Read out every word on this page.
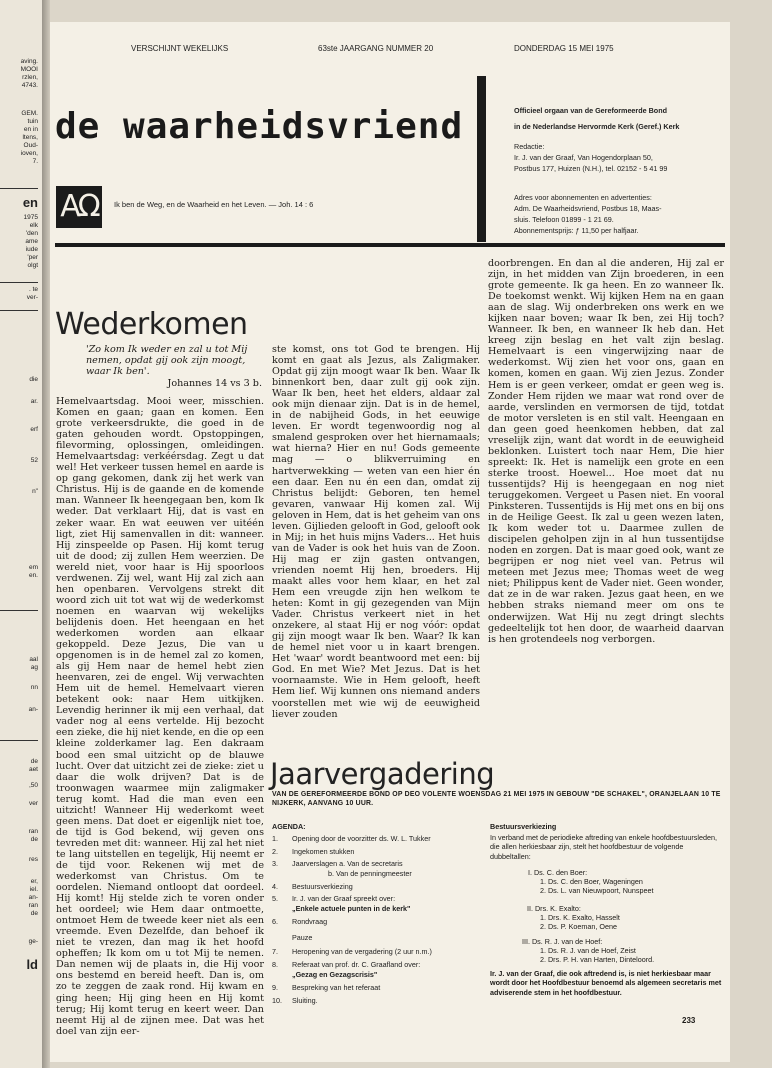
aving.
MOOI
rzlen,
4743.
GEM.
tuin
en in
ltens,
Oud-
ioven,
7.
en
1975
elk
'den
ame
iude
'per
olgt
. te
ver-
die
ar.
erf
52
n"
em
en.
aal
ag
nn
an-
de
aet
,50
ver
ran
de
res
er,
iel.
an-
ran
de
ge-
ld
VERSCHIJNT WEKELIJKS	63ste JAARGANG NUMMER 20	DONDERDAG 15 MEI 1975
de waarheidsvriend
AΩ	Ik ben de Weg, en de Waarheid en het Leven. — Joh. 14 : 6
Officieel orgaan van de Gereformeerde Bond
in de Nederlandse Hervormde Kerk (Geref.) Kerk
Redactie:
Ir. J. van der Graaf, Van Hogendorplaan 50,
Postbus 177, Huizen (N.H.), tel. 02152 - 5 41 99
Adres voor abonnementen en advertenties:
Adm. De Waarheidsvriend, Postbus 18, Maas-
sluis. Telefoon 01899 - 1 21 69.
Abonnementsprijs: ƒ 11,50 per halfjaar.
Wederkomen
'Zo kom Ik weder en zal u tot Mij nemen, opdat gij ook zijn moogt, waar Ik ben'.
Johannes 14 vs 3 b.

Hemelvaartsdag. Mooi weer, misschien. Komen en gaan; gaan en komen. Een grote verkeersdrukte, die goed in de gaten gehouden wordt. Opstoppingen, filevorming, oplossingen, omleidingen. Hemelvaartsdag: verkéérsdag. Zegt u dat wel! Het verkeer tussen hemel en aarde is op gang gekomen, dank zij het werk van Christus. Hij is de gaande en de komende man. Wanneer Ik heengegaan ben, kom Ik weder. Dat verklaart Hij, dat is vast en zeker waar. En wat eeuwen ver uitéén ligt, ziet Hij samenvallen in dit: wanneer. Hij zinspeelde op Pasen. Hij komt terug uit de dood; zij zullen Hem weerzien. De wereld niet, voor haar is Hij spoorloos verdwenen. Zij wel, want Hij zal zich aan hen openbaren. Vervolgens strekt dit woord zich uit tot wat wij de wederkomst noemen en waarvan wij wekelijks belijdenis doen. Het heengaan en het wederkomen worden aan elkaar gekoppeld. Deze Jezus, Die van u opgenomen is in de hemel zal zo komen, als gij Hem naar de hemel hebt zien heenvaren, zei de engel. Wij verwachten Hem uit de hemel. Hemelvaart vieren betekent ook: naar Hem uitkijken. Levendig herinner ik mij een verhaal, dat vader nog al eens vertelde. Hij bezocht een zieke, die hij niet kende, en die op een kleine zolderkamer lag. Een dakraam bood een smal uitzicht op de blauwe lucht. Over dat uitzicht zei de zieke: ziet u daar die wolk drijven? Dat is de troonwagen waarmee mijn zaligmaker terug komt. Had die man even een uitzicht! Wanneer Hij wederkomt weet geen mens. Dat doet er eigenlijk niet toe, de tijd is God bekend, wij geven ons tevreden met dit: wanneer. Hij zal het niet te lang uitstellen en tegelijk, Hij neemt er de tijd voor. Rekenen wij met de wederkomst van Christus. Om te oordelen. Niemand ontloopt dat oordeel. Hij komt! Hij stelde zich te voren onder het oordeel; wie Hem daar ontmoette, ontmoet Hem de tweede keer niet als een vreemde. Even Dezelfde, dan behoef ik niet te vrezen, dan mag ik het hoofd opheffen; Ik kom om u tot Mij te nemen. Dan nemen wij de plaats in, die Hij voor ons bestemd en bereid heeft. Dan is, om zo te zeggen de zaak rond. Hij kwam en ging heen; Hij ging heen en Hij komt terug; Hij komt terug en keert weer. Dan neemt Hij al de zijnen mee. Dat was het doel van zijn eer-

ste komst, ons tot God te brengen. Hij komt en gaat als Jezus, als Zaligmaker. Opdat gij zijn moogt waar Ik ben. Waar Ik binnenkort ben, daar zult gij ook zijn. Waar Ik ben, heet het elders, aldaar zal ook mijn dienaar zijn. Dat is in de hemel, in de nabijheid Gods, in het eeuwige leven. Er wordt tegenwoordig nog al smalend gesproken over het hiernamaals; wat hierna? Hier en nu! Gods gemeente mag — o blikverruiming en hartverwekking — weten van een hier én een daar. Een nu én een dan, omdat zij Christus belijdt: Geboren, ten hemel gevaren, vanwaar Hij komen zal. Wij geloven in Hem, dat is het geheim van ons leven. Gijlieden gelooft in God, gelooft ook in Mij; in het huis mijns Vaders... Het huis van de Vader is ook het huis van de Zoon. Hij mag er zijn gasten ontvangen, vrienden noemt Hij hen, broeders. Hij maakt alles voor hem klaar, en het zal Hem een vreugde zijn hen welkom te heten: Komt in gij gezegenden van Mijn Vader. Christus verkeert niet in het onzekere, al staat Hij er nog vóór: opdat gij zijn moogt waar Ik ben. Waar? Ik kan de hemel niet voor u in kaart brengen. Het 'waar' wordt beantwoord met een: bij God. En met Wie? Met Jezus. Dat is het voornaamste. Wie in Hem gelooft, heeft Hem lief. Wij kunnen ons niemand anders voorstellen met wie wij de eeuwigheid liever zouden

doorbrengen. En dan al die anderen, Hij zal er zijn, in het midden van Zijn broederen, in een grote gemeente. Ik ga heen. En zo wanneer Ik. De toekomst wenkt. Wij kijken Hem na en gaan aan de slag. Wij onderbreken ons werk en we kijken naar boven; waar Ik ben, zei Hij toch? Wanneer. Ik ben, en wanneer Ik heb dan. Het kreeg zijn beslag en het valt zijn beslag. Hemelvaart is een vingerwijzing naar de wederkomst. Wij zien het voor ons, gaan en komen, komen en gaan. Wij zien Jezus. Zonder Hem is er geen verkeer, omdat er geen weg is. Zonder Hem rijden we maar wat rond over de aarde, verslinden en vermorsen de tijd, totdat de motor versleten is en stil valt. Heengaan en dan geen goed heenkomen hebben, dat zal vreselijk zijn, want dat wordt in de eeuwigheid beklonken. Luistert toch naar Hem, Die hier spreekt: Ik. Het is namelijk een grote en een sterke troost. Hoewel... Hoe moet dat nu tussentijds? Hij is heengegaan en nog niet teruggekomen. Vergeet u Pasen niet. En vooral Pinksteren. Tussentijds is Hij met ons en bij ons in de Heilige Geest. Ik zal u geen wezen laten, Ik kom weder tot u. Daarmee zullen de discipelen geholpen zijn in al hun tussentijdse noden en zorgen. Dat is maar goed ook, want ze begrijpen er nog niet veel van. Petrus wil meteen met Jezus mee; Thomas weet de weg niet; Philippus kent de Vader niet. Geen wonder, dat ze in de war raken. Jezus gaat heen, en we hebben straks niemand meer om ons te onderwijzen. Wat Hij nu zegt dringt slechts gedeeltelijk tot hen door, de waarheid daarvan is hen grotendeels nog verborgen.

Jaarvergadering
VAN DE GEREFORMEERDE BOND OP DEO VOLENTE WOENSDAG 21 MEI 1975 IN GEBOUW "DE SCHAKEL", ORANJELAAN 10 TE NIJKERK, AANVANG 10 UUR.
AGENDA:
1. Opening door de voorzitter ds. W. L. Tukker
2. Ingekomen stukken
3. Jaarverslagen a. Van de secretaris
b. Van de penningmeester
4. Bestuursverkiezing
5. Ir. J. van der Graaf spreekt over:
„Enkele actuele punten in de kerk"
6. Rondvraag
Pauze
7. Heropening van de vergadering (2 uur n.m.)
8. Referaat van prof. dr. C. Graafland over:
„Gezag en Gezagscrisis"
9. Bespreking van het referaat
10. Sluiting.
Bestuursverkiezing
In verband met de periodieke aftreding van enkele hoofdbestuursleden, die allen herkiesbaar zijn, stelt het hoofdbestuur de volgende dubbeltallen:
I. Ds. C. den Boer:
1. Ds. C. den Boer, Wageningen
2. Ds. L. van Nieuwpoort, Nunspeet
II. Drs. K. Exalto:
1. Drs. K. Exalto, Hasselt
2. Ds. P. Koeman, Oene
III. Ds. R. J. van de Hoef:
1. Ds. R. J. van de Hoef, Zeist
2. Drs. P. H. van Harten, Dinteloord.
Ir. J. van der Graaf, die ook aftredend is, is niet herkiesbaar maar wordt door het Hoofdbestuur benoemd als algemeen secretaris met adviserende stem in het hoofdbestuur.
233
